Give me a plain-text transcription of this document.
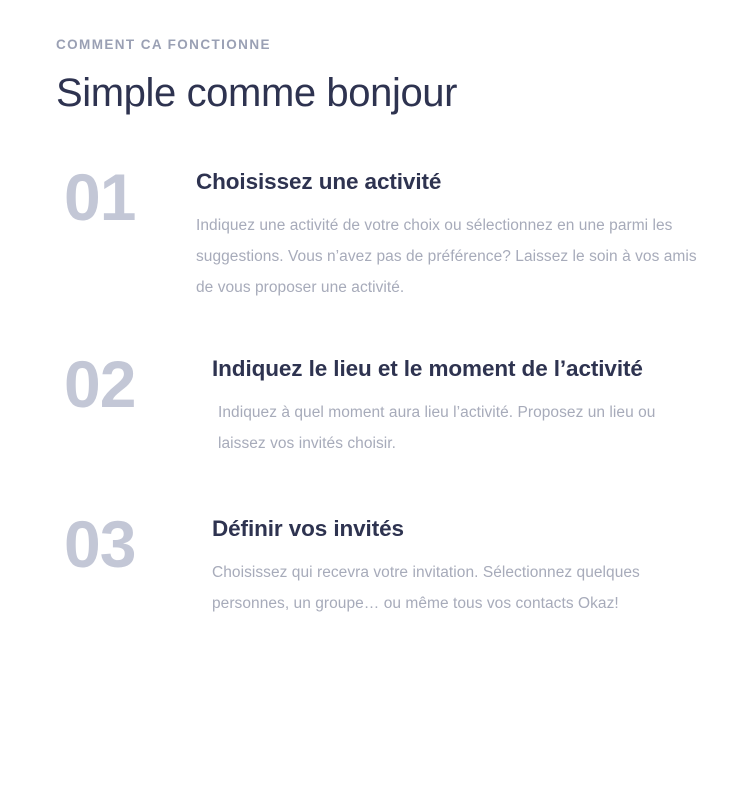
COMMENT CA FONCTIONNE
Simple comme bonjour
01	Choisissez une activité
Indiquez une activité de votre choix ou sélectionnez en une parmi les suggestions. Vous n’avez pas de préférence? Laissez le soin à vos amis de vous proposer une activité.
02	Indiquez le lieu et le moment de l’activité
Indiquez à quel moment aura lieu l’activité. Proposez un lieu ou laissez vos invités choisir.
03	Définir vos invités
Choisissez qui recevra votre invitation. Sélectionnez quelques personnes, un groupe… ou même tous vos contacts Okaz!
